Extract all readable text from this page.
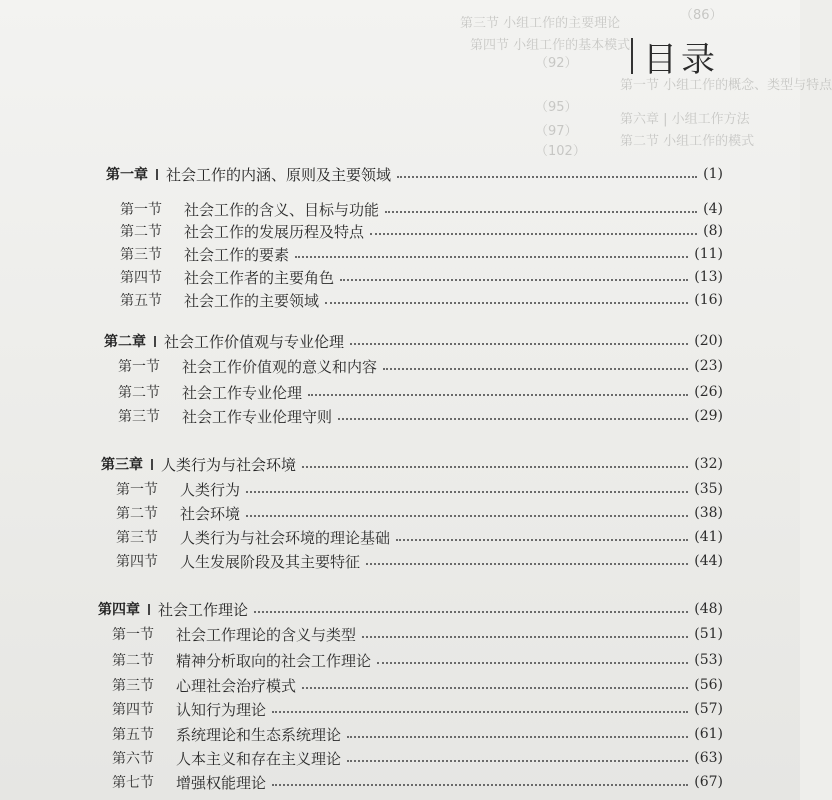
（86）
第三节 小组工作的主要理论
第四节 小组工作的基本模式
（92）
第一节 小组工作的概念、类型与特点
（95）
第六章 | 小组工作方法
（97）
第二节 小组工作的模式
（102）
目录
第一章 社会工作的内涵、原则及主要领域	(1)
第一节	社会工作的含义、目标与功能	(4)
第二节	社会工作的发展历程及特点	(8)
第三节	社会工作的要素	(11)
第四节	社会工作者的主要角色	(13)
第五节	社会工作的主要领域	(16)
第二章 社会工作价值观与专业伦理	(20)
第一节	社会工作价值观的意义和内容	(23)
第二节	社会工作专业伦理	(26)
第三节	社会工作专业伦理守则	(29)
第三章 人类行为与社会环境	(32)
第一节	人类行为	(35)
第二节	社会环境	(38)
第三节	人类行为与社会环境的理论基础	(41)
第四节	人生发展阶段及其主要特征	(44)
第四章 社会工作理论	(48)
第一节	社会工作理论的含义与类型	(51)
第二节	精神分析取向的社会工作理论	(53)
第三节	心理社会治疗模式	(56)
第四节	认知行为理论	(57)
第五节	系统理论和生态系统理论	(61)
第六节	人本主义和存在主义理论	(63)
第七节	增强权能理论	(67)
